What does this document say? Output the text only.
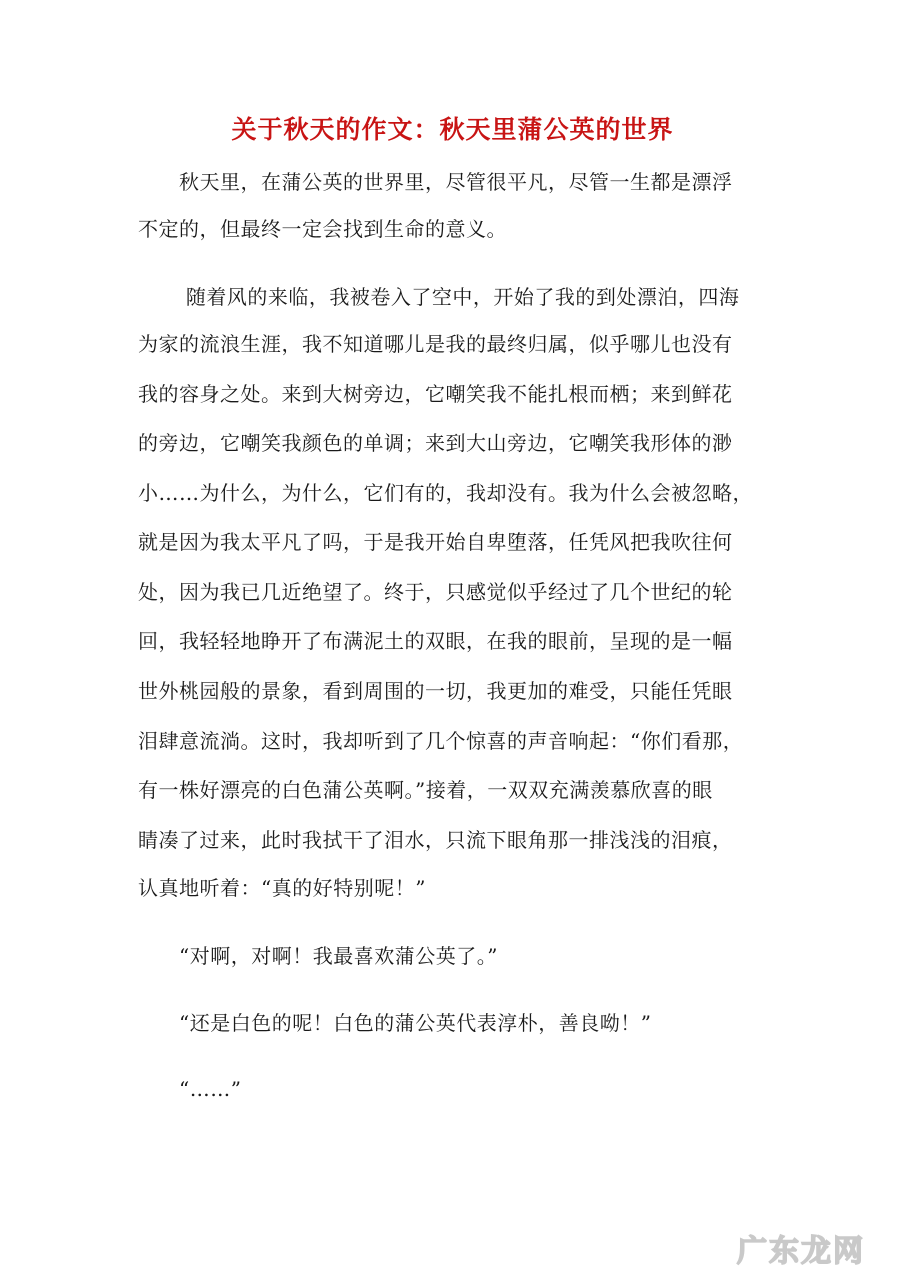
关于秋天的作文：秋天里蒲公英的世界
　　秋天里，在蒲公英的世界里，尽管很平凡，尽管一生都是漂浮
不定的，但最终一定会找到生命的意义。
　　 随着风的来临，我被卷入了空中，开始了我的到处漂泊，四海
为家的流浪生涯，我不知道哪儿是我的最终归属，似乎哪儿也没有
我的容身之处。来到大树旁边，它嘲笑我不能扎根而栖；来到鲜花
的旁边，它嘲笑我颜色的单调；来到大山旁边，它嘲笑我形体的渺
小……为什么，为什么，它们有的，我却没有。我为什么会被忽略，
就是因为我太平凡了吗，于是我开始自卑堕落，任凭风把我吹往何
处，因为我已几近绝望了。终于，只感觉似乎经过了几个世纪的轮
回，我轻轻地睁开了布满泥土的双眼，在我的眼前，呈现的是一幅
世外桃园般的景象，看到周围的一切，我更加的难受，只能任凭眼
泪肆意流淌。这时，我却听到了几个惊喜的声音响起：“你们看那，
有一株好漂亮的白色蒲公英啊。”接着，一双双充满羡慕欣喜的眼
睛凑了过来，此时我拭干了泪水，只流下眼角那一排浅浅的泪痕，
认真地听着：“真的好特别呢！”
　　“对啊，对啊！我最喜欢蒲公英了。”
　　“还是白色的呢！白色的蒲公英代表淳朴，善良呦！”
　　“……”
广东龙网
